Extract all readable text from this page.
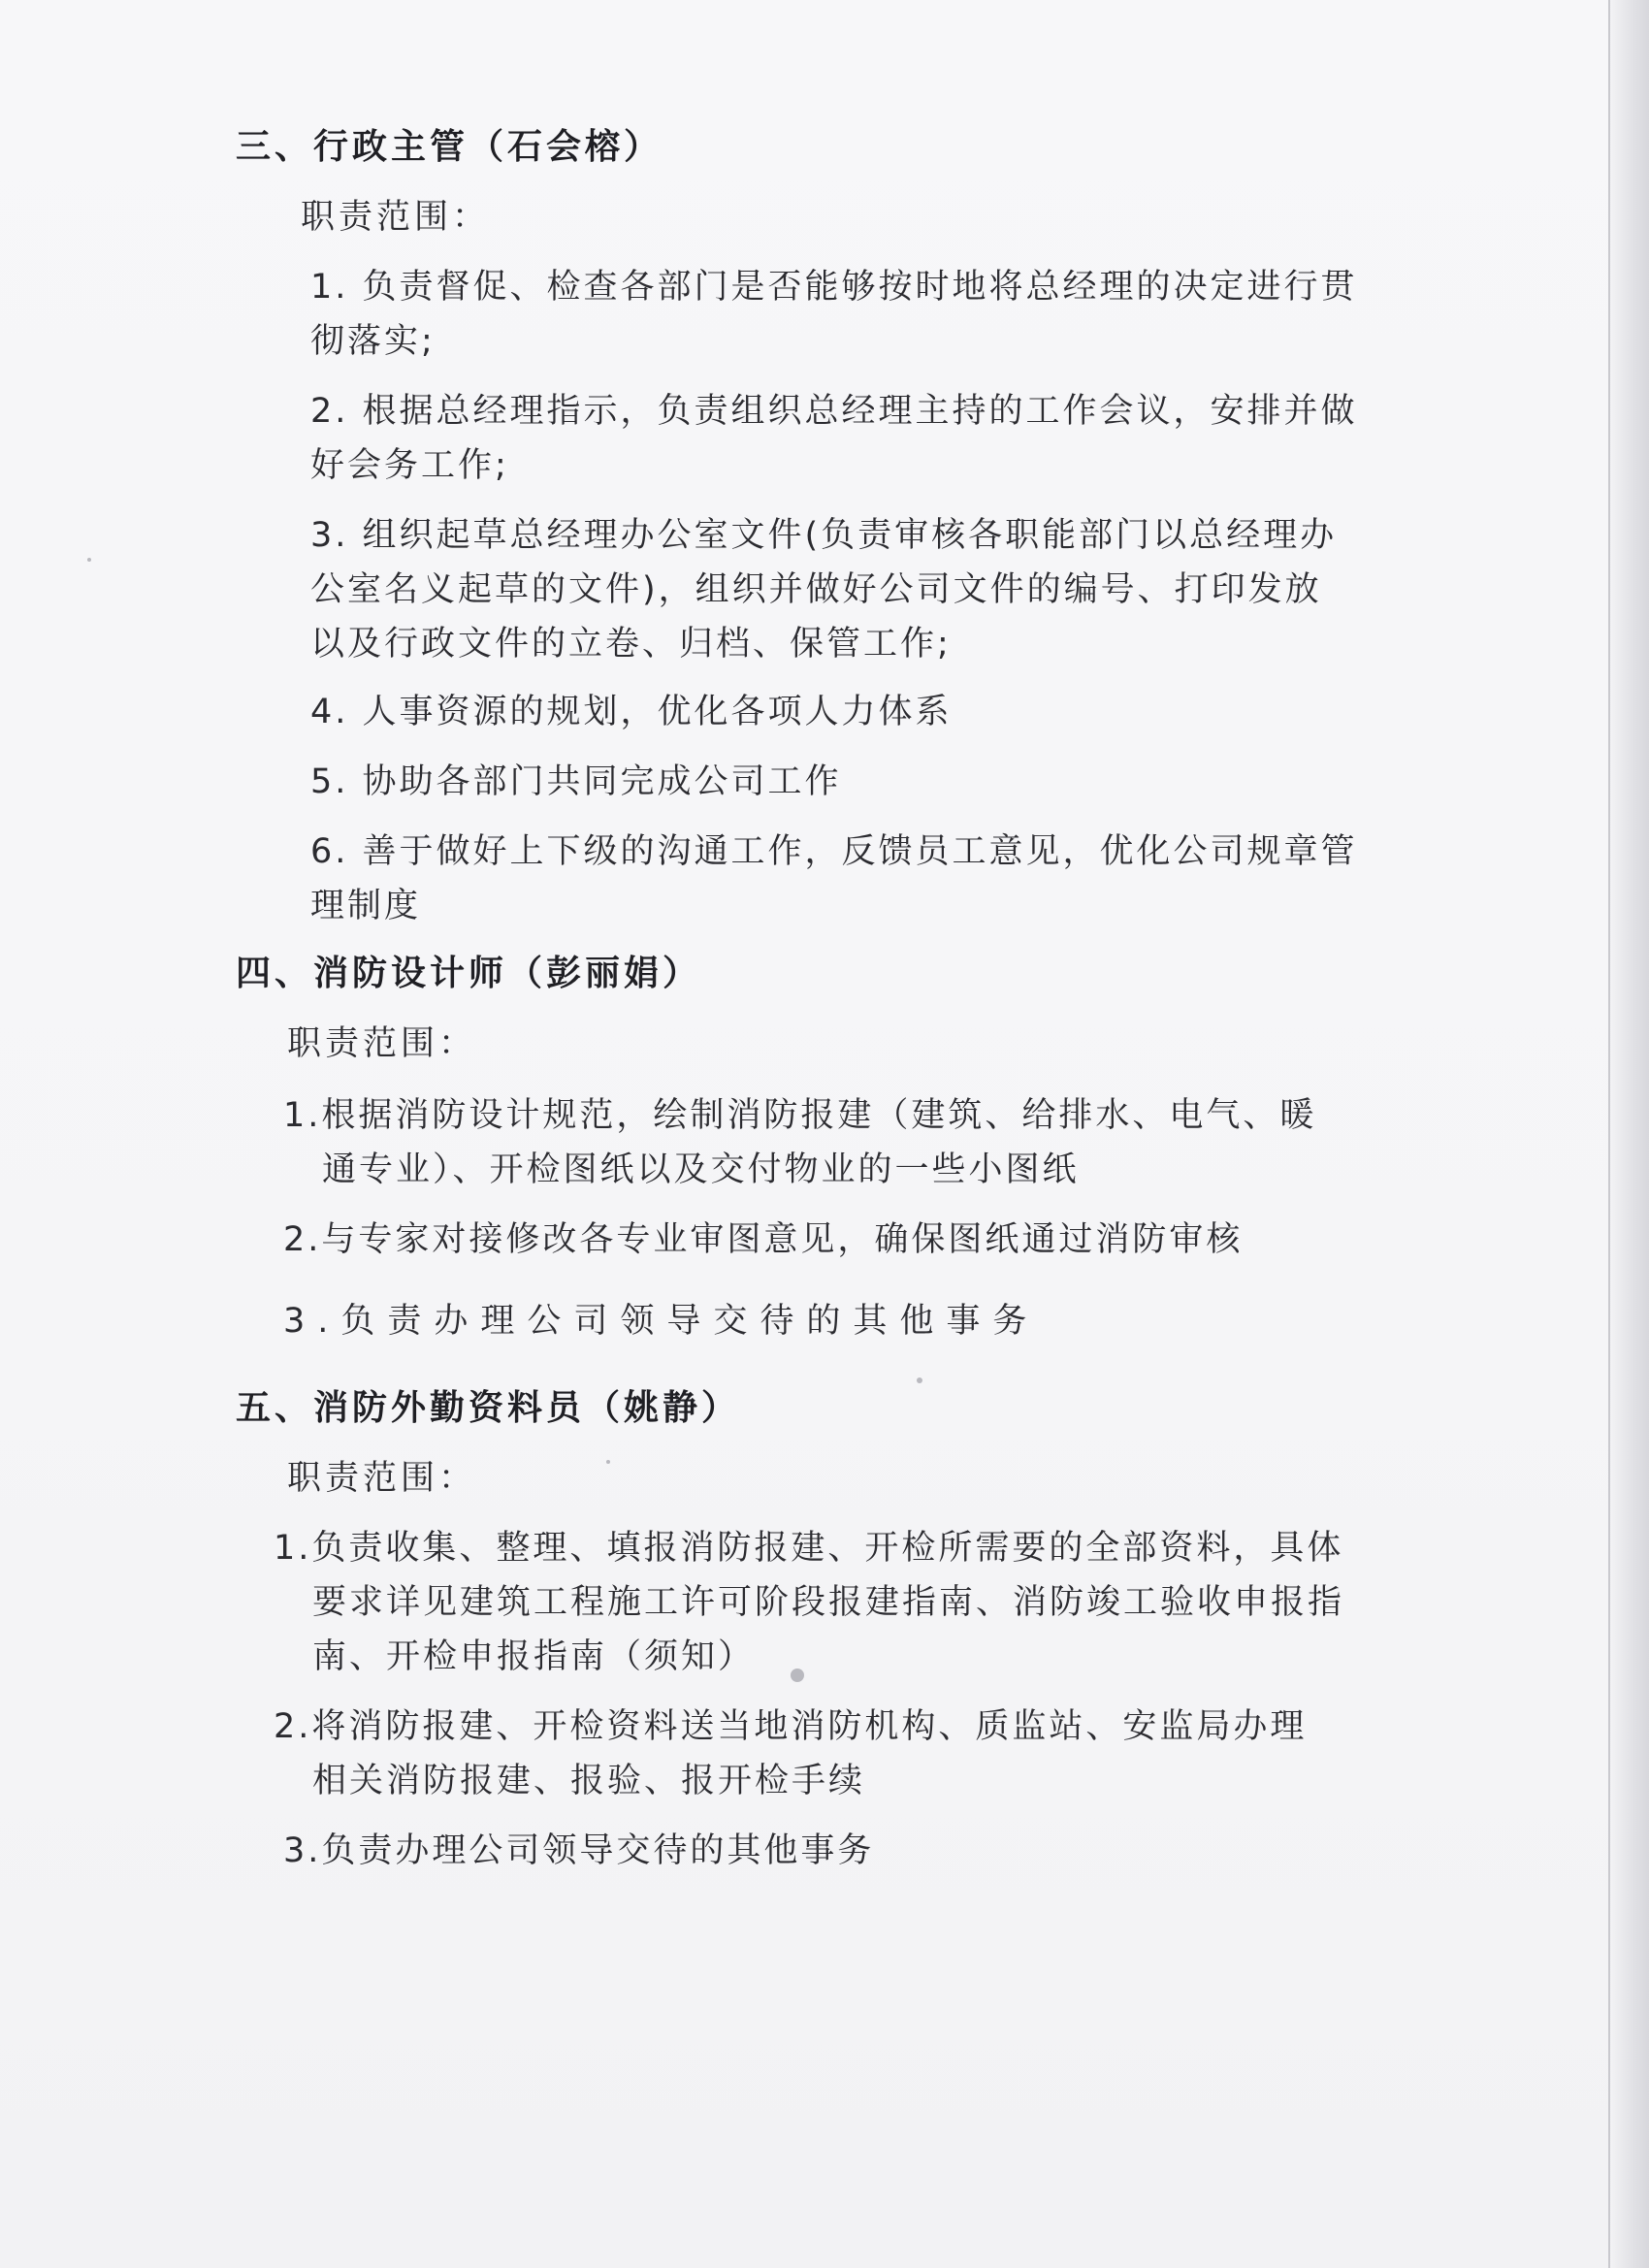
三、行政主管（石会榕）
职责范围：
1. 负责督促、检查各部门是否能够按时地将总经理的决定进行贯
彻落实;
2. 根据总经理指示，负责组织总经理主持的工作会议，安排并做
好会务工作;
3. 组织起草总经理办公室文件(负责审核各职能部门以总经理办
公室名义起草的文件)，组织并做好公司文件的编号、打印发放
以及行政文件的立卷、归档、保管工作;
4. 人事资源的规划，优化各项人力体系
5. 协助各部门共同完成公司工作
6. 善于做好上下级的沟通工作，反馈员工意见，优化公司规章管
理制度
四、消防设计师（彭丽娟）
职责范围：
1.根据消防设计规范，绘制消防报建（建筑、给排水、电气、暖
通专业）、开检图纸以及交付物业的一些小图纸
2.与专家对接修改各专业审图意见，确保图纸通过消防审核
3.负责办理公司领导交待的其他事务
五、消防外勤资料员（姚静）
职责范围：
1.负责收集、整理、填报消防报建、开检所需要的全部资料，具体
要求详见建筑工程施工许可阶段报建指南、消防竣工验收申报指
南、开检申报指南（须知）
2.将消防报建、开检资料送当地消防机构、质监站、安监局办理
相关消防报建、报验、报开检手续
3.负责办理公司领导交待的其他事务
